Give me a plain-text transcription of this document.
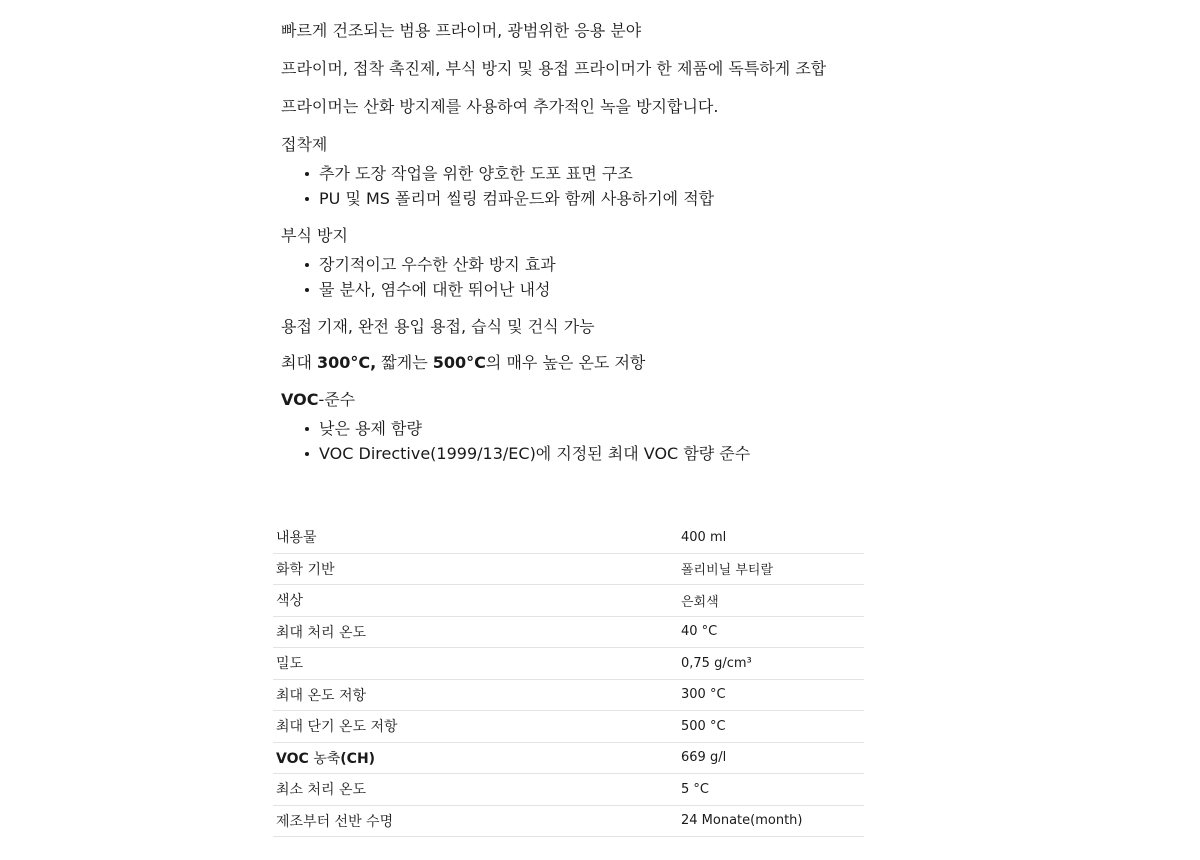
빠르게 건조되는 범용 프라이머, 광범위한 응용 분야

프라이머, 접착 촉진제, 부식 방지 및 용접 프라이머가 한 제품에 독특하게 조합

프라이머는 산화 방지제를 사용하여 추가적인 녹을 방지합니다.

접착제

추가 도장 작업을 위한 양호한 도포 표면 구조
PU 및 MS 폴리머 씰링 컴파운드와 함께 사용하기에 적합

부식 방지

장기적이고 우수한 산화 방지 효과
물 분사, 염수에 대한 뛰어난 내성

용접 기재, 완전 용입 용접, 습식 및 건식 가능

최대 300°C, 짧게는 500°C의 매우 높은 온도 저항

VOC-준수

낮은 용제 함량
VOC Directive(1999/13/EC)에 지정된 최대 VOC 함량 준수
내용물	400 ml
화학 기반	폴리비닐 부티랄
색상	은회색
최대 처리 온도	40 °C
밀도	0,75 g/cm³
최대 온도 저항	300 °C
최대 단기 온도 저항	500 °C
VOC 농축(CH)	669 g/l
최소 처리 온도	5 °C
제조부터 선반 수명	24 Monate(month)
